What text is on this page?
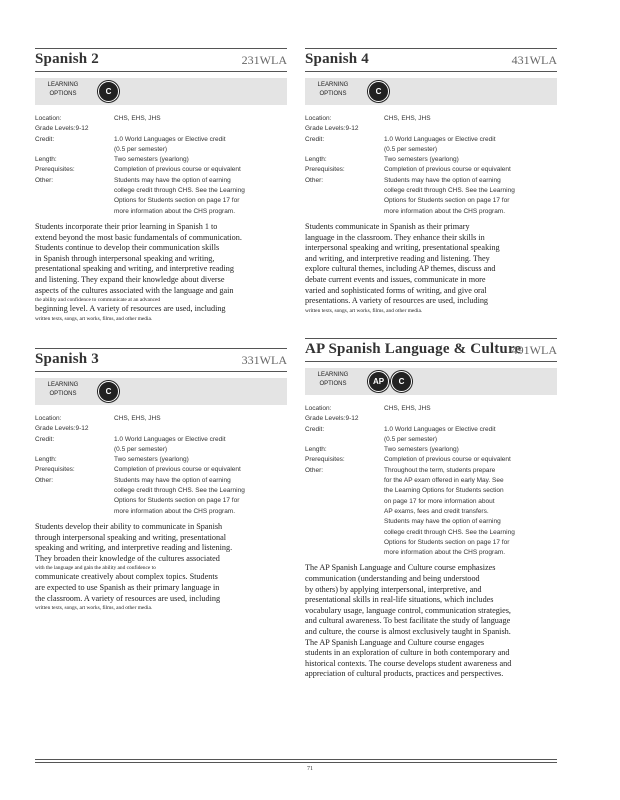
Spanish 2	231WLA
LEARNING
OPTIONS	C
Location:	CHS, EHS, JHS
Grade Levels:9-12
Credit:	1.0 World Languages or Elective credit
(0.5 per semester)
Length:	Two semesters (yearlong)
Prerequisites:	Completion of previous course or equivalent
Other:	Students may have the option of earning
college credit through CHS. See the Learning
Options for Students section on page 17 for
more information about the CHS program.
Students incorporate their prior learning in Spanish 1 to
extend beyond the most basic fundamentals of communication.
Students continue to develop their communication skills
in Spanish through interpersonal speaking and writing,
presentational speaking and writing, and interpretive reading
and listening. They expand their knowledge about diverse
aspects of the cultures associated with the language and gain
the ability and confidence to communicate at an advanced
beginning level. A variety of resources are used, including
written texts, songs, art works, films, and other media.
Spanish 3	331WLA
LEARNING
OPTIONS	C
Location:	CHS, EHS, JHS
Grade Levels:9-12
Credit:	1.0 World Languages or Elective credit
(0.5 per semester)
Length:	Two semesters (yearlong)
Prerequisites:	Completion of previous course or equivalent
Other:	Students may have the option of earning
college credit through CHS. See the Learning
Options for Students section on page 17 for
more information about the CHS program.
Students develop their ability to communicate in Spanish
through interpersonal speaking and writing, presentational
speaking and writing, and interpretive reading and listening.
They broaden their knowledge of the cultures associated
with the language and gain the ability and confidence to
communicate creatively about complex topics. Students
are expected to use Spanish as their primary language in
the classroom. A variety of resources are used, including
written texts, songs, art works, films, and other media.
Spanish 4	431WLA
LEARNING
OPTIONS	C
Location:	CHS, EHS, JHS
Grade Levels:9-12
Credit:	1.0 World Languages or Elective credit
(0.5 per semester)
Length:	Two semesters (yearlong)
Prerequisites:	Completion of previous course or equivalent
Other:	Students may have the option of earning
college credit through CHS. See the Learning
Options for Students section on page 17 for
more information about the CHS program.
Students communicate in Spanish as their primary
language in the classroom. They enhance their skills in
interpersonal speaking and writing, presentational speaking
and writing, and interpretive reading and listening. They
explore cultural themes, including AP themes, discuss and
debate current events and issues, communicate in more
varied and sophisticated forms of writing, and give oral
presentations. A variety of resources are used, including
written texts, songs, art works, films, and other media.
AP Spanish Language & Culture
491WLA
LEARNING
OPTIONS	AP	C
Location:	CHS, EHS, JHS
Grade Levels:9-12
Credit:	1.0 World Languages or Elective credit
(0.5 per semester)
Length:	Two semesters (yearlong)
Prerequisites:	Completion of previous course or equivalent
Other:	Throughout the term, students prepare
for the AP exam offered in early May. See
the Learning Options for Students section
on page 17 for more information about
AP exams, fees and credit transfers.
Students may have the option of earning
college credit through CHS. See the Learning
Options for Students section on page 17 for
more information about the CHS program.
The AP Spanish Language and Culture course emphasizes
communication (understanding and being understood
by others) by applying interpersonal, interpretive, and
presentational skills in real-life situations, which includes
vocabulary usage, language control, communication strategies,
and cultural awareness. To best facilitate the study of language
and culture, the course is almost exclusively taught in Spanish.
The AP Spanish Language and Culture course engages
students in an exploration of culture in both contemporary and
historical contexts. The course develops student awareness and
appreciation of cultural products, practices and perspectives.
71
